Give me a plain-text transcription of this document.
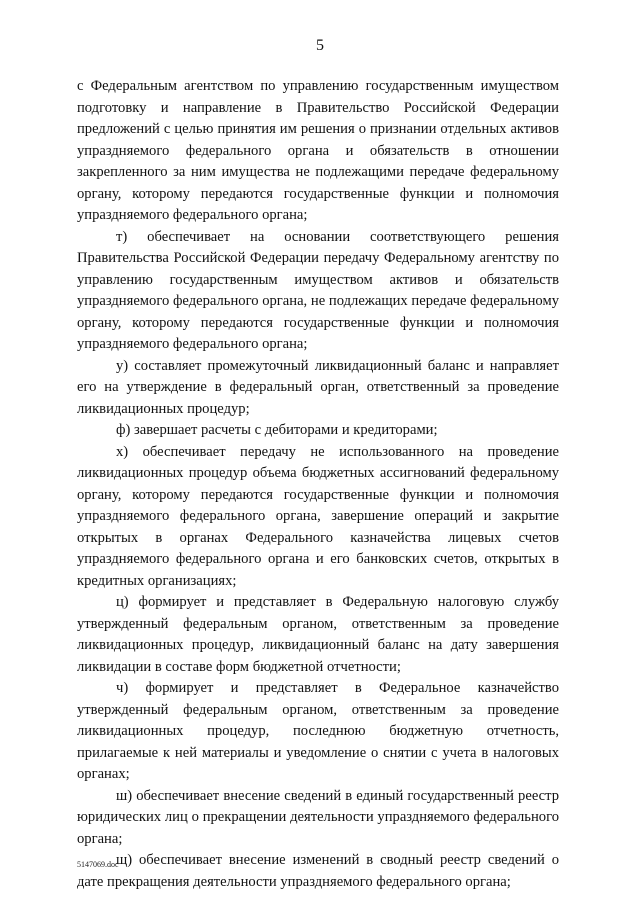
5

с Федеральным агентством по управлению государственным имуществом подготовку и направление в Правительство Российской Федерации предложений с целью принятия им решения о признании отдельных активов упраздняемого федерального органа и обязательств в отношении закрепленного за ним имущества не подлежащими передаче федеральному органу, которому передаются государственные функции и полномочия упраздняемого федерального органа;

т) обеспечивает на основании соответствующего решения Правительства Российской Федерации передачу Федеральному агентству по управлению государственным имуществом активов и обязательств упраздняемого федерального органа, не подлежащих передаче федеральному органу, которому передаются государственные функции и полномочия упраздняемого федерального органа;

у) составляет промежуточный ликвидационный баланс и направляет его на утверждение в федеральный орган, ответственный за проведение ликвидационных процедур;

ф) завершает расчеты с дебиторами и кредиторами;

х) обеспечивает передачу не использованного на проведение ликвидационных процедур объема бюджетных ассигнований федеральному органу, которому передаются государственные функции и полномочия упраздняемого федерального органа, завершение операций и закрытие открытых в органах Федерального казначейства лицевых счетов упраздняемого федерального органа и его банковских счетов, открытых в кредитных организациях;

ц) формирует и представляет в Федеральную налоговую службу утвержденный федеральным органом, ответственным за проведение ликвидационных процедур, ликвидационный баланс на дату завершения ликвидации в составе форм бюджетной отчетности;

ч) формирует и представляет в Федеральное казначейство утвержденный федеральным органом, ответственным за проведение ликвидационных процедур, последнюю бюджетную отчетность, прилагаемые к ней материалы и уведомление о снятии с учета в налоговых органах;

ш) обеспечивает внесение сведений в единый государственный реестр юридических лиц о прекращении деятельности упраздняемого федерального органа;

щ) обеспечивает внесение изменений в сводный реестр сведений о дате прекращения деятельности упраздняемого федерального органа;

5147069.doc
